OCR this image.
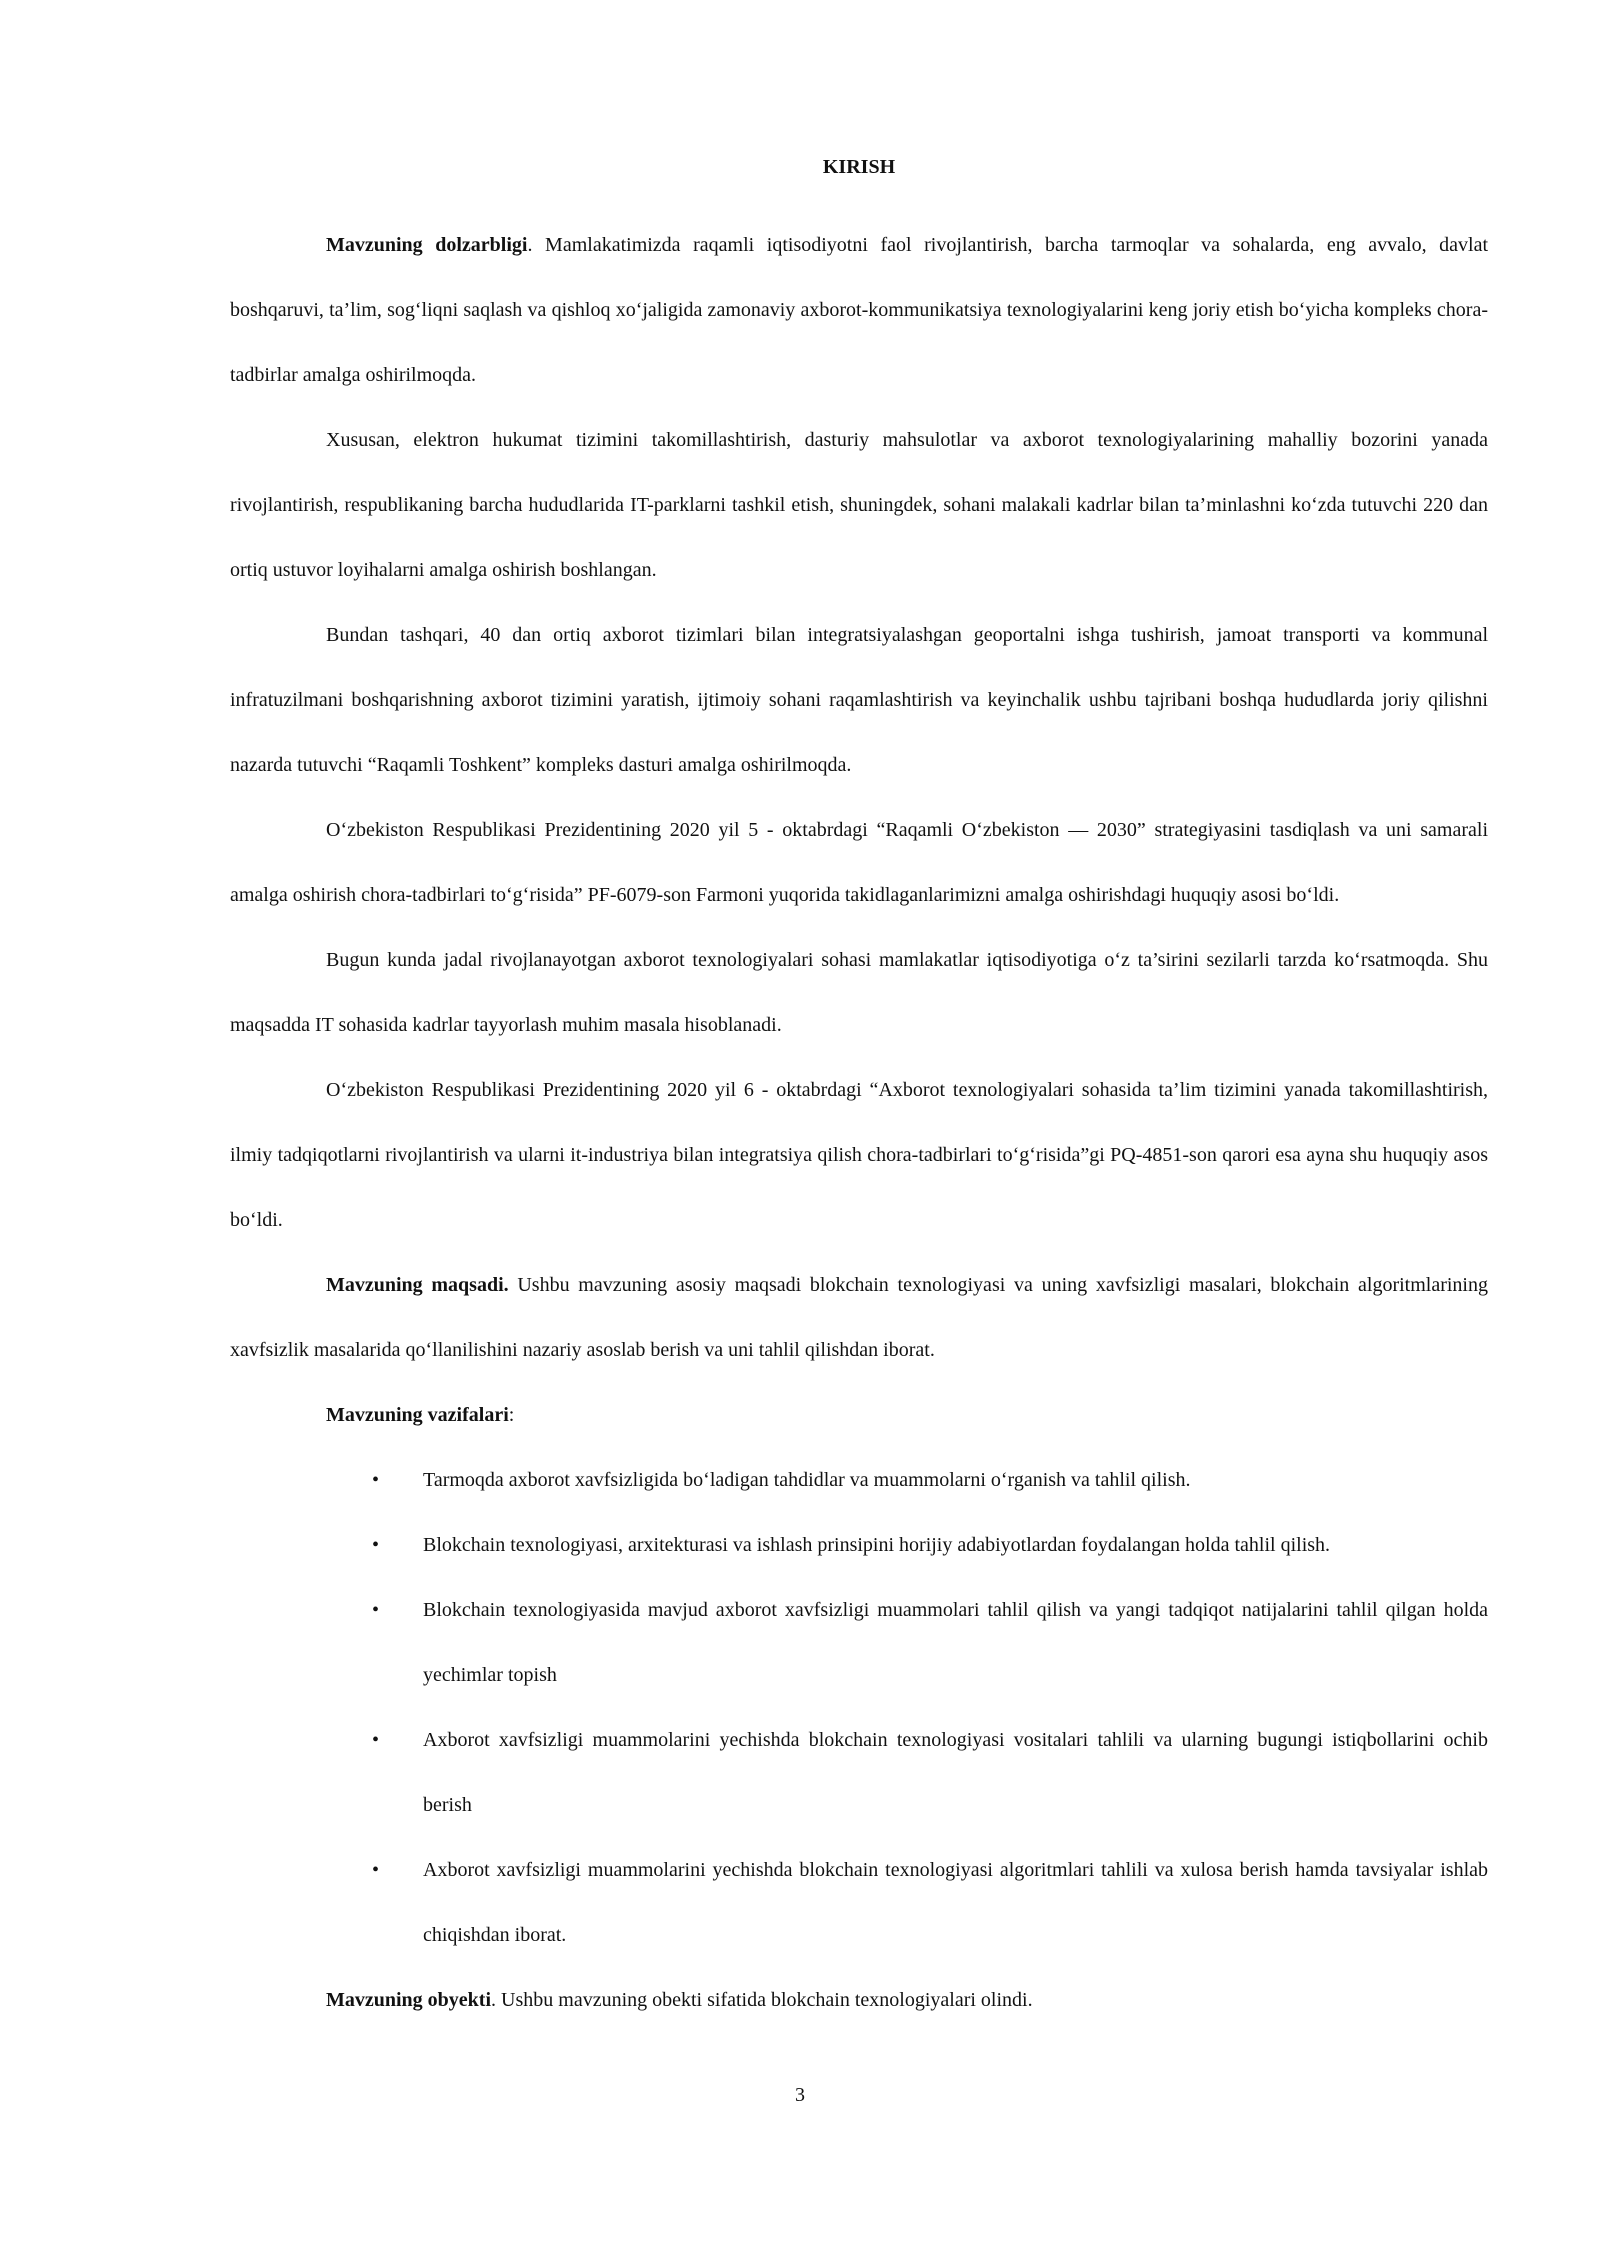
KIRISH

Mavzuning dolzarbligi. Mamlakatimizda raqamli iqtisodiyotni faol rivojlantirish, barcha tarmoqlar va sohalarda, eng avvalo, davlat boshqaruvi, ta’lim, sog‘liqni saqlash va qishloq xo‘jaligida zamonaviy axborot-kommunikatsiya texnologiyalarini keng joriy etish bo‘yicha kompleks chora-tadbirlar amalga oshirilmoqda.

Xususan, elektron hukumat tizimini takomillashtirish, dasturiy mahsulotlar va axborot texnologiyalarining mahalliy bozorini yanada rivojlantirish, respublikaning barcha hududlarida IT-parklarni tashkil etish, shuningdek, sohani malakali kadrlar bilan ta’minlashni ko‘zda tutuvchi 220 dan ortiq ustuvor loyihalarni amalga oshirish boshlangan.

Bundan tashqari, 40 dan ortiq axborot tizimlari bilan integratsiyalashgan geoportalni ishga tushirish, jamoat transporti va kommunal infratuzilmani boshqarishning axborot tizimini yaratish, ijtimoiy sohani raqamlashtirish va keyinchalik ushbu tajribani boshqa hududlarda joriy qilishni nazarda tutuvchi “Raqamli Toshkent” kompleks dasturi amalga oshirilmoqda.

O‘zbekiston Respublikasi Prezidentining 2020 yil 5 - oktabrdagi “Raqamli O‘zbekiston — 2030” strategiyasini tasdiqlash va uni samarali amalga oshirish chora-tadbirlari to‘g‘risida” PF-6079-son Farmoni yuqorida takidlaganlarimizni amalga oshirishdagi huquqiy asosi bo‘ldi.

Bugun kunda jadal rivojlanayotgan axborot texnologiyalari sohasi mamlakatlar iqtisodiyotiga o‘z ta’sirini sezilarli tarzda ko‘rsatmoqda. Shu maqsadda IT sohasida kadrlar tayyorlash muhim masala hisoblanadi.

O‘zbekiston Respublikasi Prezidentining 2020 yil 6 - oktabrdagi “Axborot texnologiyalari sohasida ta’lim tizimini yanada takomillashtirish, ilmiy tadqiqotlarni rivojlantirish va ularni it-industriya bilan integratsiya qilish chora-tadbirlari to‘g‘risida”gi PQ-4851-son qarori esa ayna shu huquqiy asos bo‘ldi.

Mavzuning maqsadi. Ushbu mavzuning asosiy maqsadi blokchain texnologiyasi va uning xavfsizligi masalari, blokchain algoritmlarining xavfsizlik masalarida qo‘llanilishini nazariy asoslab berish va uni tahlil qilishdan iborat.

Mavzuning vazifalari:

• Tarmoqda axborot xavfsizligida bo‘ladigan tahdidlar va muammolarni o‘rganish va tahlil qilish.
• Blokchain texnologiyasi, arxitekturasi va ishlash prinsipini horijiy adabiyotlardan foydalangan holda tahlil qilish.
• Blokchain texnologiyasida mavjud axborot xavfsizligi muammolari tahlil qilish va yangi tadqiqot natijalarini tahlil qilgan holda yechimlar topish
• Axborot xavfsizligi muammolarini yechishda blokchain texnologiyasi vositalari tahlili va ularning bugungi istiqbollarini ochib berish
• Axborot xavfsizligi muammolarini yechishda blokchain texnologiyasi algoritmlari tahlili va xulosa berish hamda tavsiyalar ishlab chiqishdan iborat.

Mavzuning obyekti. Ushbu mavzuning obekti sifatida blokchain texnologiyalari olindi.

3
